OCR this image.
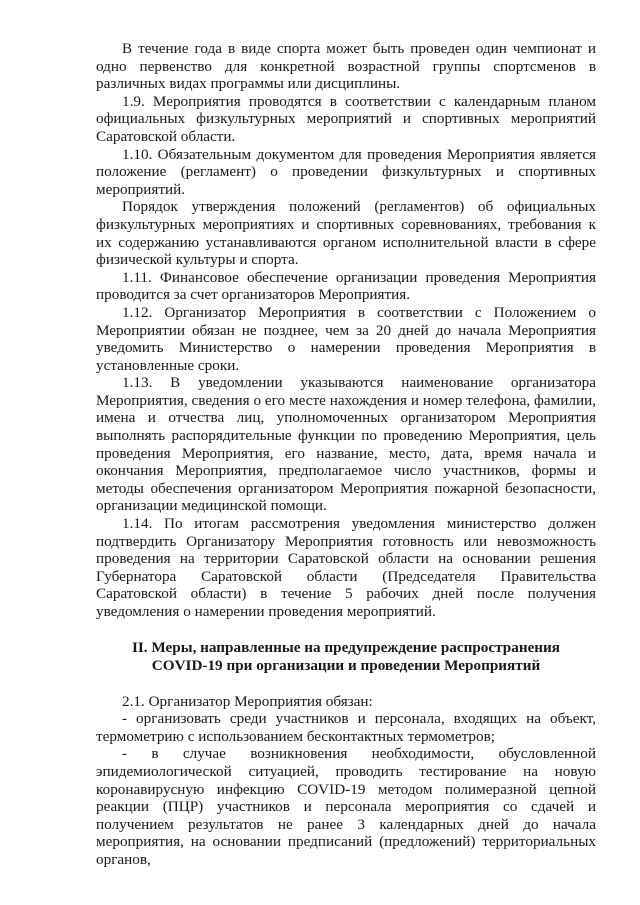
В течение года в виде спорта может быть проведен один чемпионат и одно первенство для конкретной возрастной группы спортсменов в различных видах программы или дисциплины.

1.9. Мероприятия проводятся в соответствии с календарным планом официальных физкультурных мероприятий и спортивных мероприятий Саратовской области.

1.10. Обязательным документом для проведения Мероприятия является положение (регламент) о проведении физкультурных и спортивных мероприятий.

Порядок утверждения положений (регламентов) об официальных физкультурных мероприятиях и спортивных соревнованиях, требования к их содержанию устанавливаются органом исполнительной власти в сфере физической культуры и спорта.

1.11. Финансовое обеспечение организации проведения Мероприятия проводится за счет организаторов Мероприятия.

1.12. Организатор Мероприятия в соответствии с Положением о Мероприятии обязан не позднее, чем за 20 дней до начала Мероприятия уведомить Министерство о намерении проведения Мероприятия в установленные сроки.

1.13. В уведомлении указываются наименование организатора Мероприятия, сведения о его месте нахождения и номер телефона, фамилии, имена и отчества лиц, уполномоченных организатором Мероприятия выполнять распорядительные функции по проведению Мероприятия, цель проведения Мероприятия, его название, место, дата, время начала и окончания Мероприятия, предполагаемое число участников, формы и методы обеспечения организатором Мероприятия пожарной безопасности, организации медицинской помощи.

1.14. По итогам рассмотрения уведомления министерство должен подтвердить Организатору Мероприятия готовность или невозможность проведения на территории Саратовской области на основании решения Губернатора Саратовской области (Председателя Правительства Саратовской области) в течение 5 рабочих дней после получения уведомления о намерении проведения мероприятий.

II. Меры, направленные на предупреждение распространения
COVID-19 при организации и проведении Мероприятий

2.1. Организатор Мероприятия обязан:

- организовать среди участников и персонала, входящих на объект, термометрию с использованием бесконтактных термометров;

- в случае возникновения необходимости, обусловленной эпидемиологической ситуацией, проводить тестирование на новую коронавирусную инфекцию COVID-19 методом полимеразной цепной реакции (ПЦР) участников и персонала мероприятия со сдачей и получением результатов не ранее 3 календарных дней до начала мероприятия, на основании предписаний (предложений) территориальных органов,
